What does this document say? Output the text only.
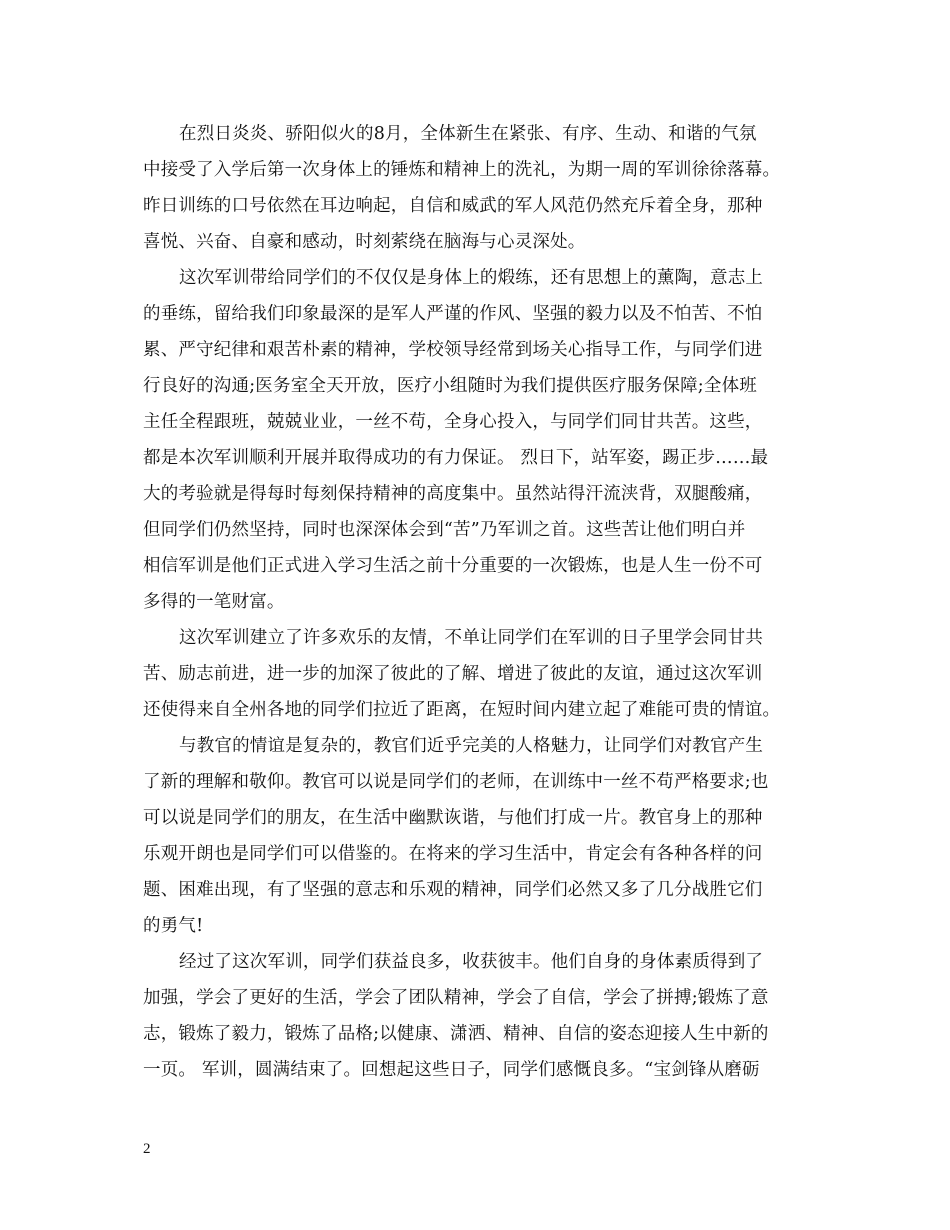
在烈日炎炎、骄阳似火的8月，全体新生在紧张、有序、生动、和谐的气氛
中接受了入学后第一次身体上的锤炼和精神上的洗礼，为期一周的军训徐徐落幕。
昨日训练的口号依然在耳边响起，自信和威武的军人风范仍然充斥着全身，那种
喜悦、兴奋、自豪和感动，时刻萦绕在脑海与心灵深处。
这次军训带给同学们的不仅仅是身体上的煅练，还有思想上的薰陶，意志上
的垂练，留给我们印象最深的是军人严谨的作风、坚强的毅力以及不怕苦、不怕
累、严守纪律和艰苦朴素的精神，学校领导经常到场关心指导工作，与同学们进
行良好的沟通;医务室全天开放，医疗小组随时为我们提供医疗服务保障;全体班
主任全程跟班，兢兢业业，一丝不苟，全身心投入，与同学们同甘共苦。这些，
都是本次军训顺利开展并取得成功的有力保证。 烈日下，站军姿，踢正步……最
大的考验就是得每时每刻保持精神的高度集中。虽然站得汗流浃背，双腿酸痛，
但同学们仍然坚持，同时也深深体会到“苦”乃军训之首。这些苦让他们明白并
相信军训是他们正式进入学习生活之前十分重要的一次锻炼，也是人生一份不可
多得的一笔财富。
这次军训建立了许多欢乐的友情，不单让同学们在军训的日子里学会同甘共
苦、励志前进，进一步的加深了彼此的了解、增进了彼此的友谊，通过这次军训
还使得来自全州各地的同学们拉近了距离，在短时间内建立起了难能可贵的情谊。
与教官的情谊是复杂的，教官们近乎完美的人格魅力，让同学们对教官产生
了新的理解和敬仰。教官可以说是同学们的老师，在训练中一丝不苟严格要求;也
可以说是同学们的朋友，在生活中幽默诙谐，与他们打成一片。教官身上的那种
乐观开朗也是同学们可以借鉴的。在将来的学习生活中，肯定会有各种各样的问
题、困难出现，有了坚强的意志和乐观的精神，同学们必然又多了几分战胜它们
的勇气!
经过了这次军训，同学们获益良多，收获彼丰。他们自身的身体素质得到了
加强，学会了更好的生活，学会了团队精神，学会了自信，学会了拼搏;锻炼了意
志，锻炼了毅力，锻炼了品格;以健康、潇洒、精神、自信的姿态迎接人生中新的
一页。 军训，圆满结束了。回想起这些日子，同学们感慨良多。“宝剑锋从磨砺
2
